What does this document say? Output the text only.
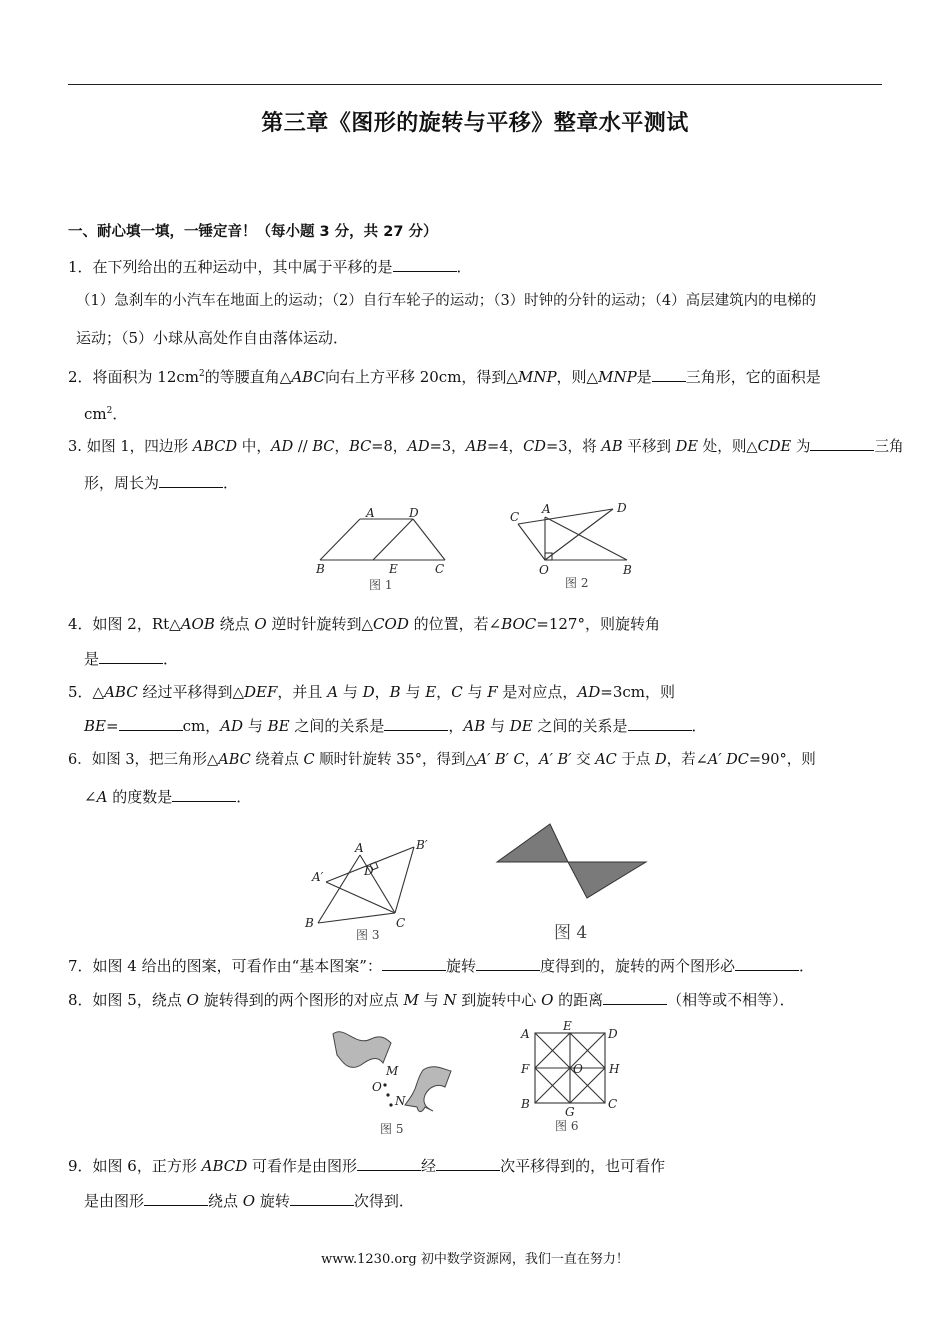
第三章《图形的旋转与平移》整章水平测试
一、耐心填一填，一锤定音！（每小题 3 分，共 27 分）
1．在下列给出的五种运动中，其中属于平移的是	．
（1）急刹车的小汽车在地面上的运动；（2）自行车轮子的运动；（3）时钟的分针的运动；（4）高层建筑内的电梯的
运动；（5）小球从高处作自由落体运动．
2．将面积为 $12cm^2$的等腰直角△ABC向右上方平移 20cm，得到△MNP，则△MNP是 三角形，它的面积是
$cm^2$．
3. 如图 1，四边形 ABCD 中，AD // BC，BC=8，AD=3，AB=4，CD=3，将 AB 平移到 DE 处，则△CDE 为	三角
形，周长为	．
A	D
B	E	C
图 1
C
A	D
O	B
图 2
4．如图 2，Rt△AOB 绕点 O 逆时针旋转到△COD 的位置，若∠BOC=127°，则旋转角
是	．
5．△ABC 经过平移得到△DEF，并且 A 与 D，B 与 E，C 与 F 是对应点，AD=3cm，则
BE=	cm，AD 与 BE 之间的关系是	，AB 与 DE 之间的关系是	．
6．如图 3，把三角形△ABC 绕着点 C 顺时针旋转 35°，得到△A′ B′ C，A′ B′ 交 AC 于点 D，若∠A′ DC=90°，则
∠A 的度数是	．
A	B′
A′	D
B	C
图 3	图 4
7．如图 4 给出的图案，可看作由“基本图案”：	旋转	度得到的，旋转的两个图形必	．
8．如图 5，绕点 O 旋转得到的两个图形的对应点 M 与 N 到旋转中心 O 的距离	（相等或不相等）．
M
O
N
图 5
A
E
D
F	O H
B
G
C
图 6
9．如图 6，正方形 ABCD 可看作是由图形	经	次平移得到的，也可看作
是由图形	绕点 O 旋转	次得到．
www.1230.org 初中数学资源网，我们一直在努力！
